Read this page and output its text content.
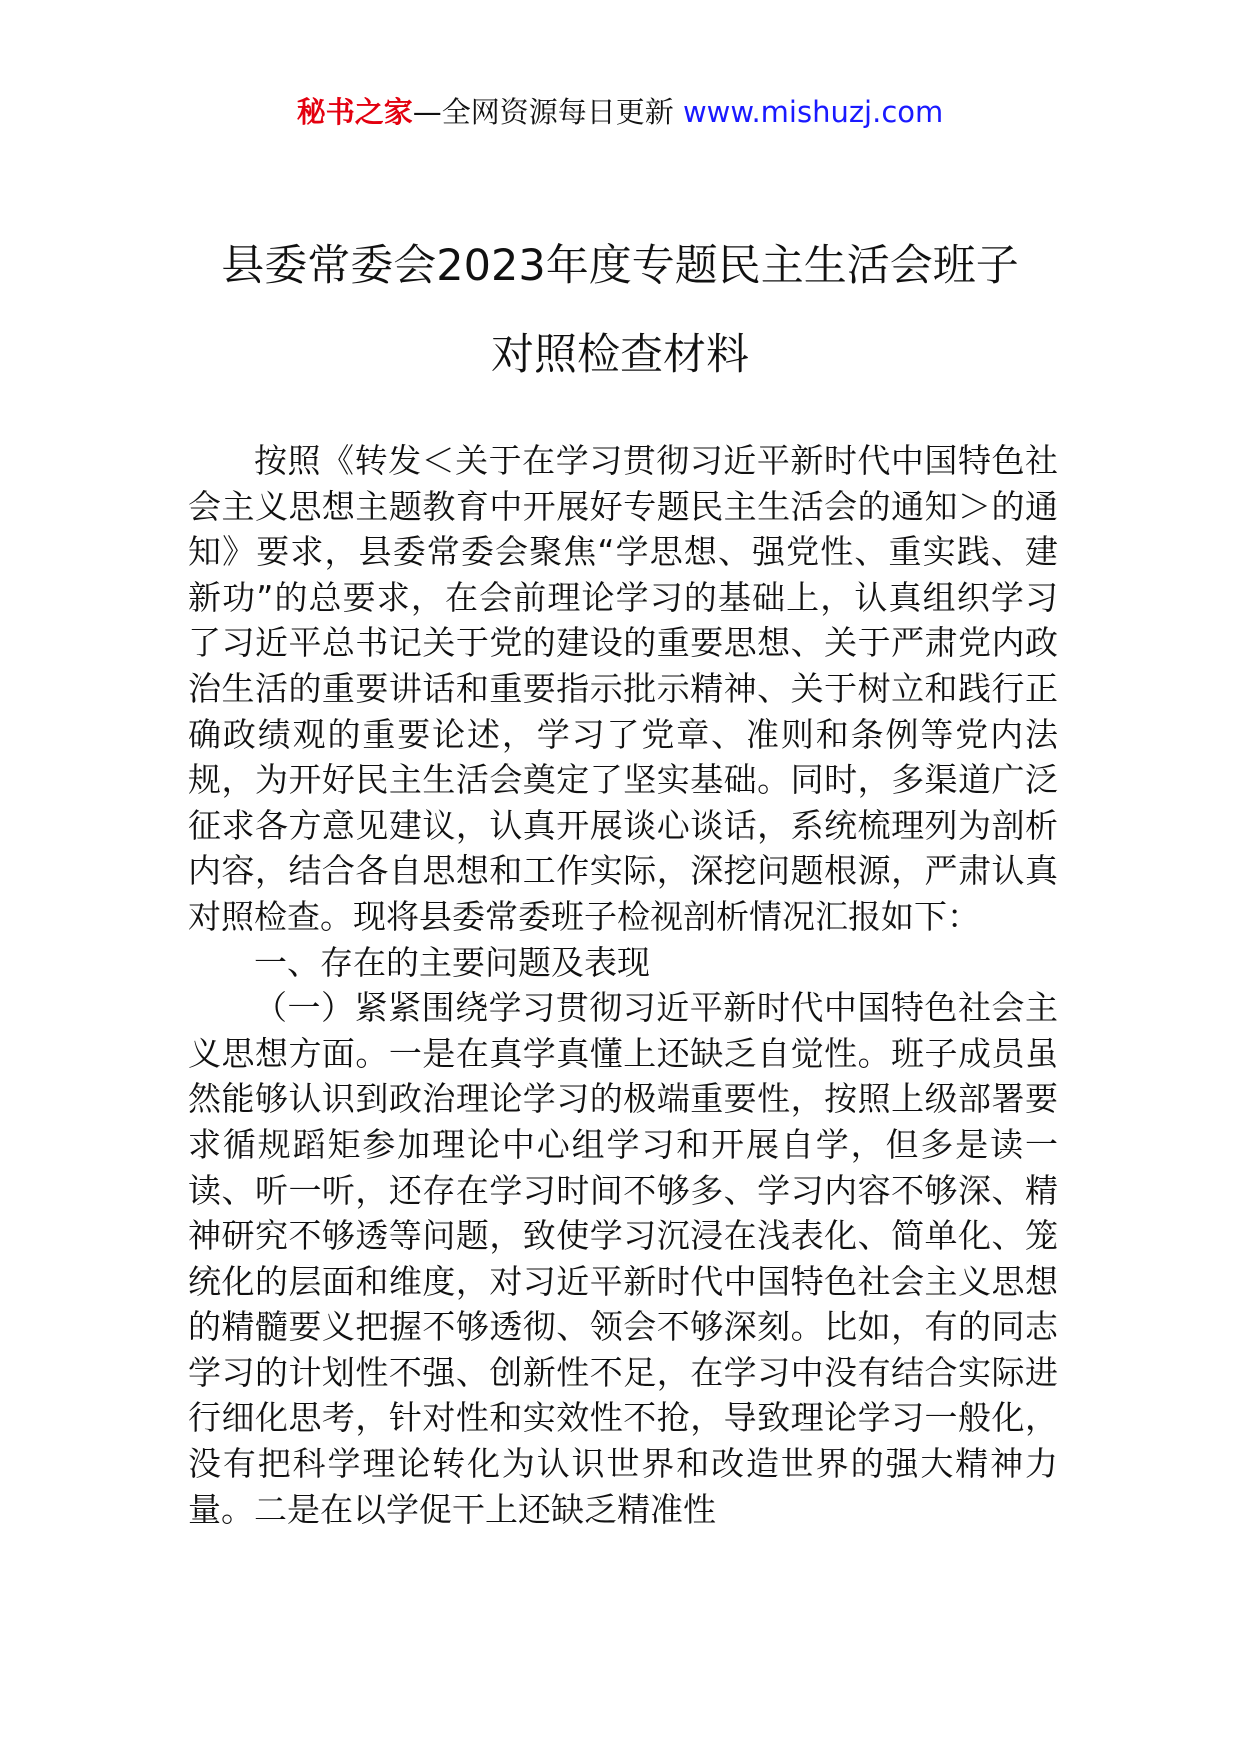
秘书之家—全网资源每日更新 www.mishuzj.com
县委常委会2023年度专题民主生活会班子
对照检查材料

按照《转发＜关于在学习贯彻习近平新时代中国特色社会主义思想主题教育中开展好专题民主生活会的通知＞的通知》要求，县委常委会聚焦“学思想、强党性、重实践、建新功”的总要求，在会前理论学习的基础上，认真组织学习了习近平总书记关于党的建设的重要思想、关于严肃党内政治生活的重要讲话和重要指示批示精神、关于树立和践行正确政绩观的重要论述，学习了党章、准则和条例等党内法规，为开好民主生活会奠定了坚实基础。同时，多渠道广泛征求各方意见建议，认真开展谈心谈话，系统梳理列为剖析内容，结合各自思想和工作实际，深挖问题根源，严肃认真对照检查。现将县委常委班子检视剖析情况汇报如下：

一、存在的主要问题及表现

（一）紧紧围绕学习贯彻习近平新时代中国特色社会主义思想方面。一是在真学真懂上还缺乏自觉性。班子成员虽然能够认识到政治理论学习的极端重要性，按照上级部署要求循规蹈矩参加理论中心组学习和开展自学，但多是读一读、听一听，还存在学习时间不够多、学习内容不够深、精神研究不够透等问题，致使学习沉浸在浅表化、简单化、笼统化的层面和维度，对习近平新时代中国特色社会主义思想的精髓要义把握不够透彻、领会不够深刻。比如，有的同志学习的计划性不强、创新性不足，在学习中没有结合实际进行细化思考，针对性和实效性不抢，导致理论学习一般化，没有把科学理论转化为认识世界和改造世界的强大精神力量。二是在以学促干上还缺乏精准性
